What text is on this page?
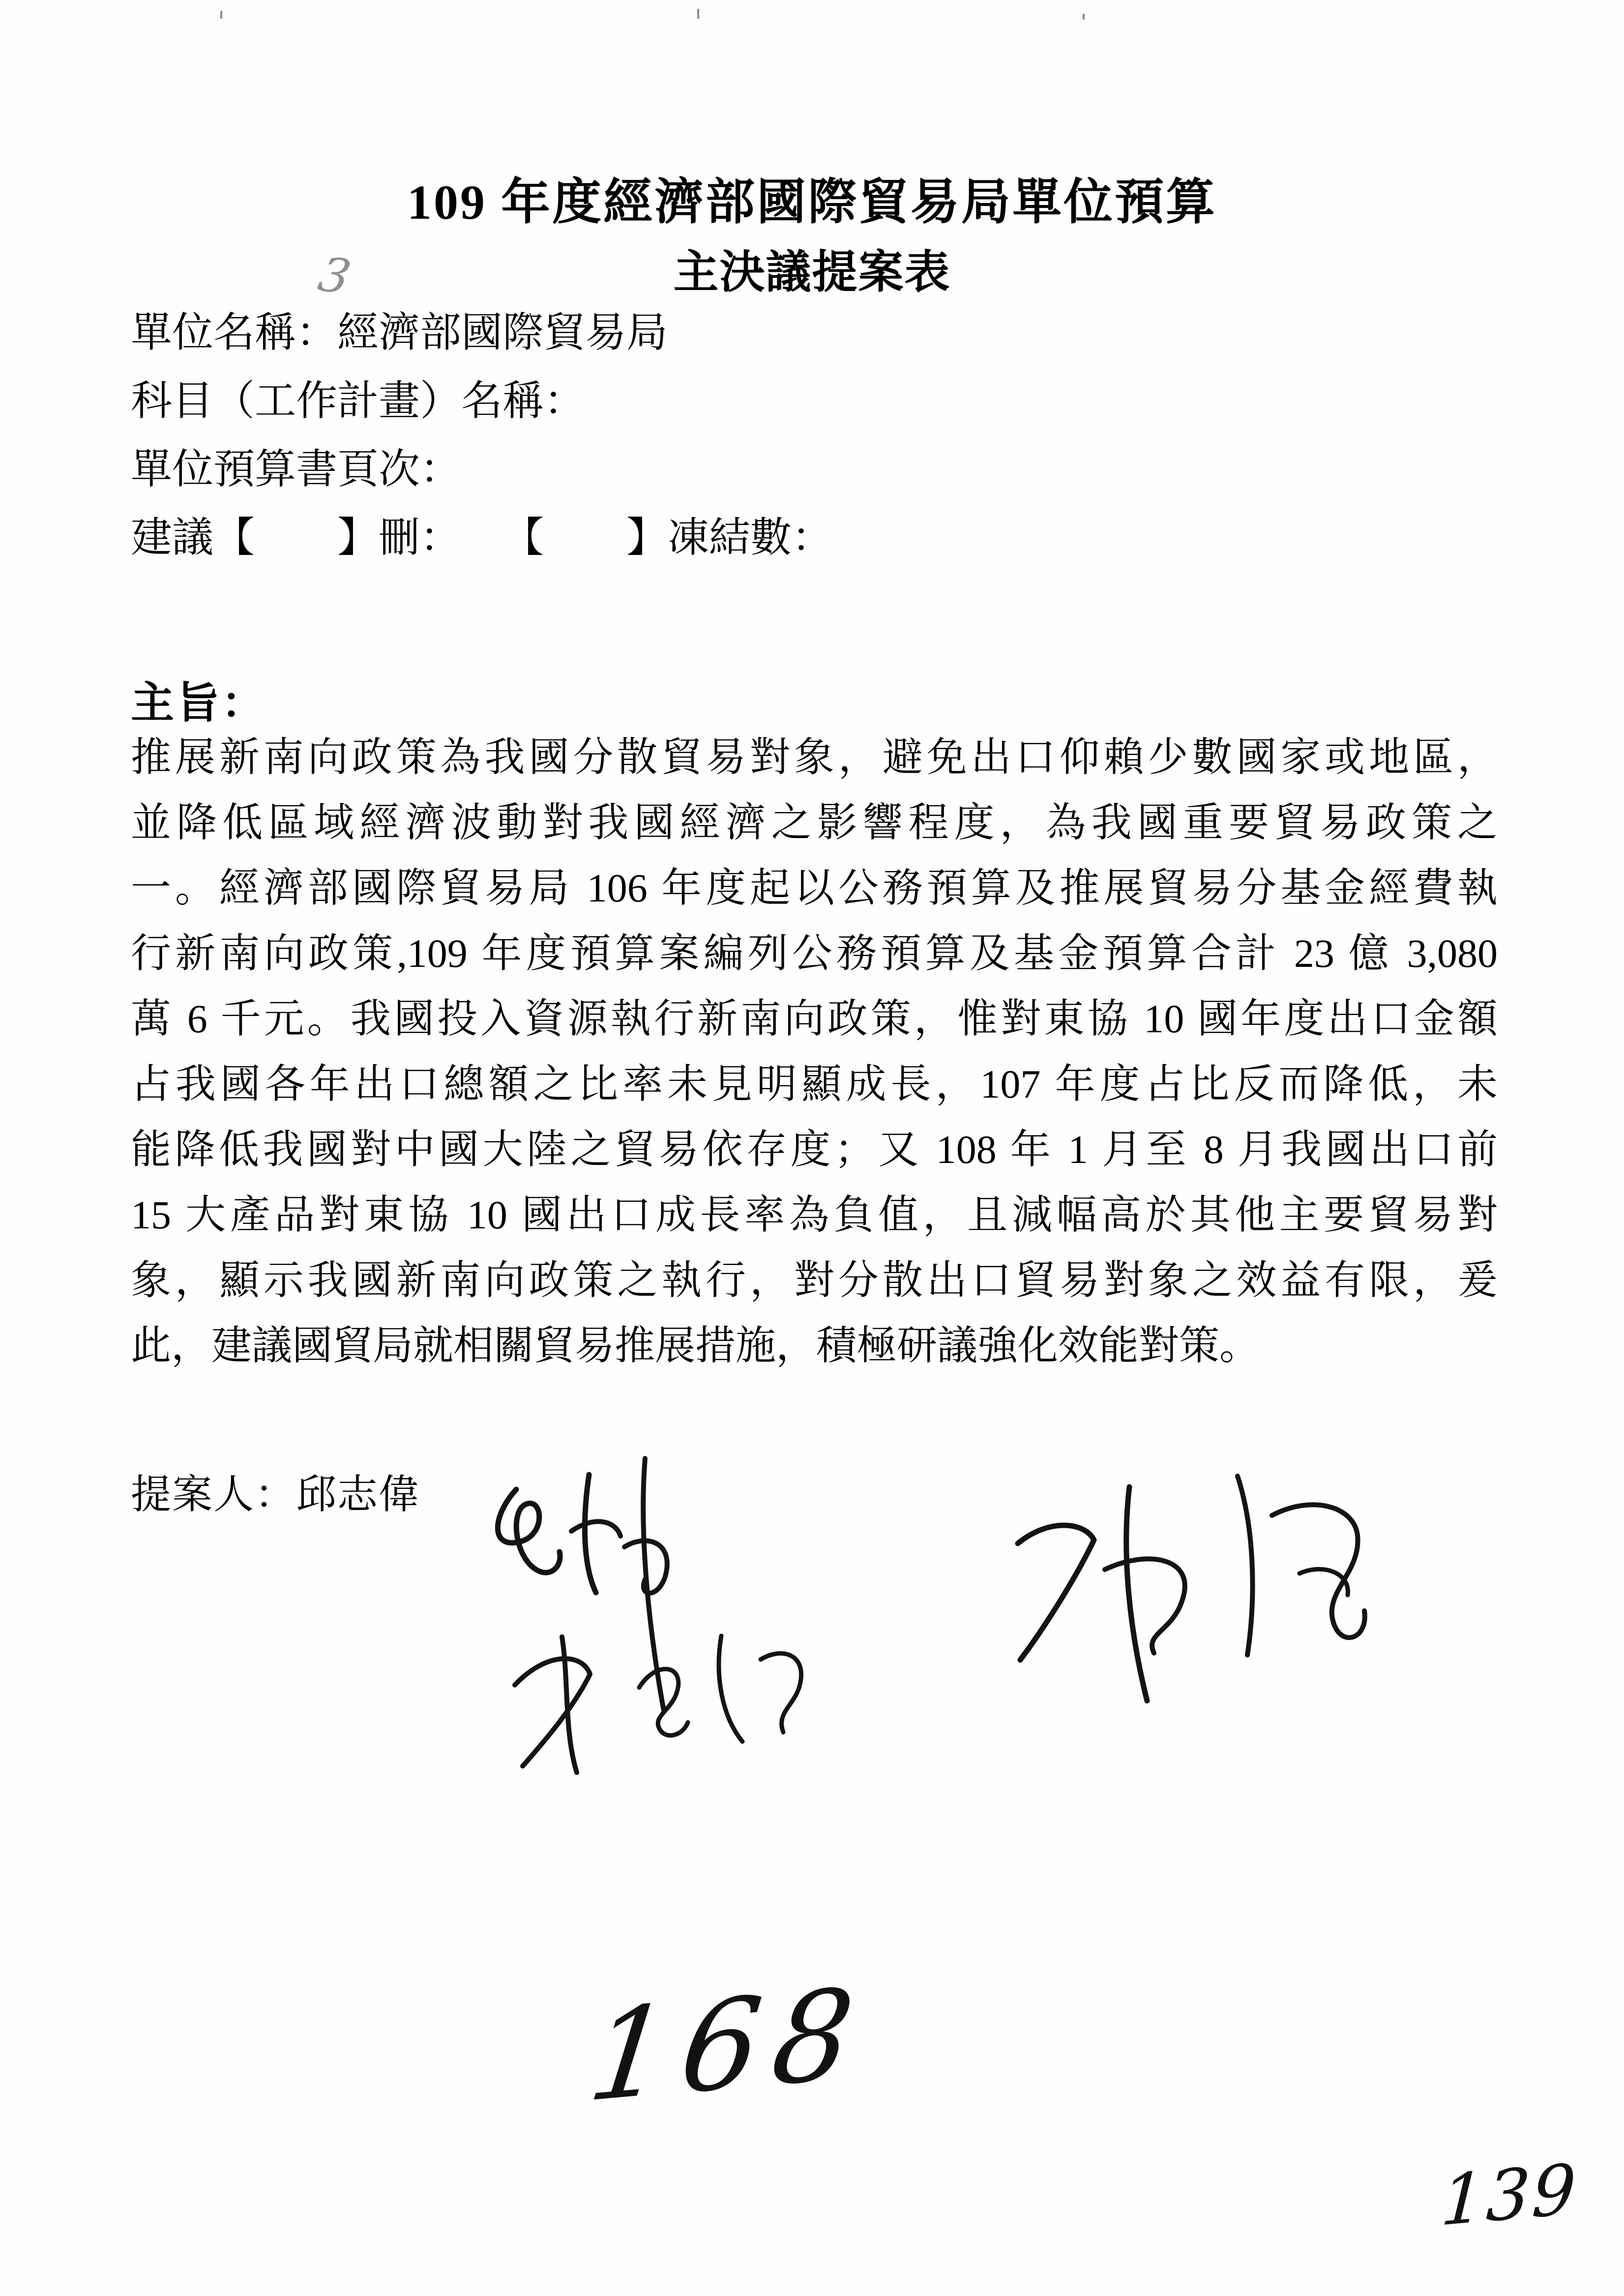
109 年度經濟部國際貿易局單位預算
主決議提案表
3
單位名稱：經濟部國際貿易局
科目（工作計畫）名稱：
單位預算書頁次：
建議【　　】刪：　　【　　】凍結數：
主旨：
推展新南向政策為我國分散貿易對象，避免出口仰賴少數國家或地區，
並降低區域經濟波動對我國經濟之影響程度，為我國重要貿易政策之
一。經濟部國際貿易局 106 年度起以公務預算及推展貿易分基金經費執
行新南向政策,109 年度預算案編列公務預算及基金預算合計 23 億 3,080
萬 6 千元。我國投入資源執行新南向政策，惟對東協 10 國年度出口金額
占我國各年出口總額之比率未見明顯成長，107 年度占比反而降低，未
能降低我國對中國大陸之貿易依存度；又 108 年 1 月至 8 月我國出口前
15 大產品對東協 10 國出口成長率為負值，且減幅高於其他主要貿易對
象，顯示我國新南向政策之執行，對分散出口貿易對象之效益有限，爰
此，建議國貿局就相關貿易推展措施，積極研議強化效能對策。
提案人：邱志偉
168
139
